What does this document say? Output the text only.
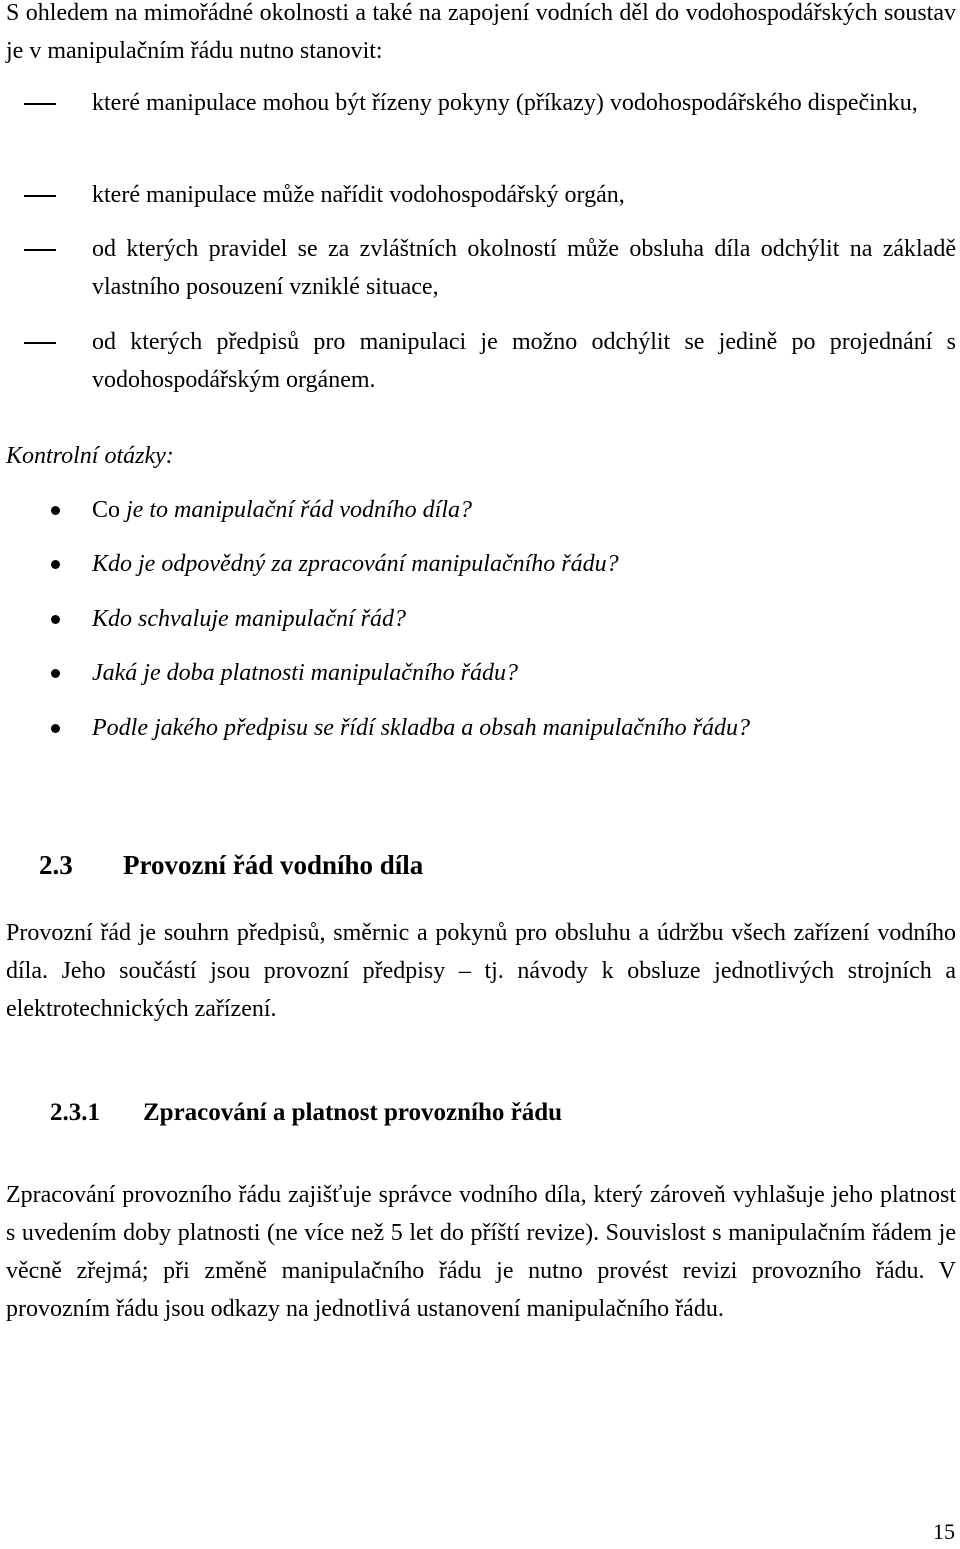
S ohledem na mimořádné okolnosti a také na zapojení vodních děl do vodohospodářských soustav je v manipulačním řádu nutno stanovit:

které manipulace mohou být řízeny pokyny (příkazy) vodohospodářského dispečinku,

které manipulace může nařídit vodohospodářský orgán,

od kterých pravidel se za zvláštních okolností může obsluha díla odchýlit na základě vlastního posouzení vzniklé situace,

od kterých předpisů pro manipulaci je možno odchýlit se jedině po projednání s vodohospodářským orgánem.

Kontrolní otázky:
Co je to manipulační řád vodního díla?
Kdo je odpovědný za zpracování manipulačního řádu?
Kdo schvaluje manipulační řád?
Jaká je doba platnosti manipulačního řádu?
Podle jakého předpisu se řídí skladba a obsah manipulačního řádu?
2.3 Provozní řád vodního díla

Provozní řád je souhrn předpisů, směrnic a pokynů pro obsluhu a údržbu všech zařízení vodního díla. Jeho součástí jsou provozní předpisy – tj. návody k obsluze jednotlivých strojních a elektrotechnických zařízení.

2.3.1 Zpracování a platnost provozního řádu

Zpracování provozního řádu zajišťuje správce vodního díla, který zároveň vyhlašuje jeho platnost s uvedením doby platnosti (ne více než 5 let do příští revize). Souvislost s manipulačním řádem je věcně zřejmá; při změně manipulačního řádu je nutno provést revizi provozního řádu. V provozním řádu jsou odkazy na jednotlivá ustanovení manipulačního řádu.

15
